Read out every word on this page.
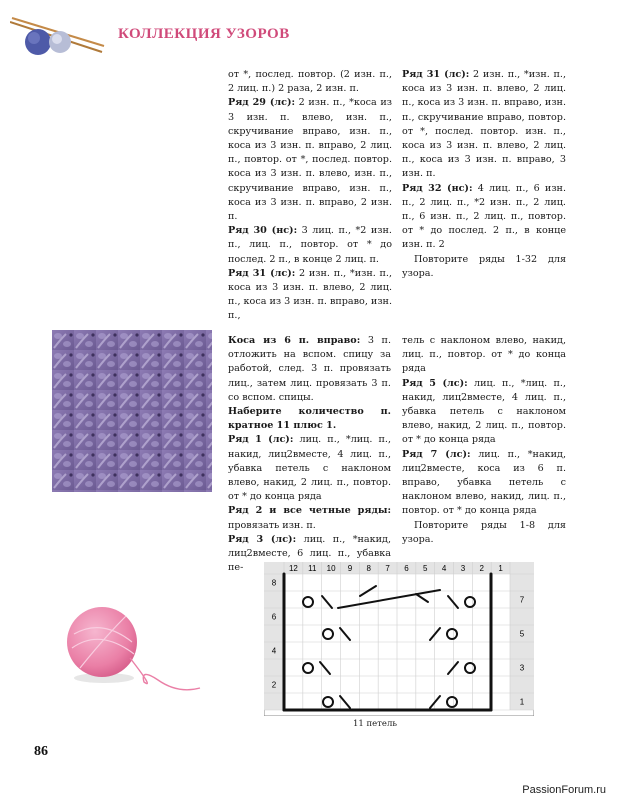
КОЛЛЕКЦИЯ УЗОРОВ

от *, послед. повтор. (2 изн. п., 2 лиц. п.) 2 раза, 2 изн. п.

Ряд 29 (лс): 2 изн. п., *коса из 3 изн. п. влево, изн. п., скручивание вправо, изн. п., коса из 3 изн. п. вправо, 2 лиц. п., повтор. от *, послед. повтор. коса из 3 изн. п. влево, изн. п., скручивание вправо, изн. п., коса из 3 изн. п. вправо, 2 изн. п.

Ряд 30 (нс): 3 лиц. п., *2 изн. п., лиц. п., повтор. от * до послед. 2 п., в конце 2 лиц. п.

Ряд 31 (лс): 2 изн. п., *изн. п., коса из 3 изн. п. влево, 2 лиц. п., коса из 3 изн. п. вправо, изн. п.,

Ряд 31 (лс): 2 изн. п., *изн. п., коса из 3 изн. п. влево, 2 лиц. п., коса из 3 изн. п. вправо, изн. п., скручивание вправо, повтор. от *, послед. повтор. изн. п., коса из 3 изн. п. влево, 2 лиц. п., коса из 3 изн. п. вправо, 3 изн. п.

Ряд 32 (нс): 4 лиц. п., 6 изн. п., 2 лиц. п., *2 изн. п., 2 лиц. п., 6 изн. п., 2 лиц. п., повтор. от * до послед. 2 п., в конце изн. п. 2

Повторите ряды 1-32 для узора.

Коса из 6 п. вправо: 3 п. отложить на вспом. спицу за работой, след. 3 п. провязать лиц., затем лиц. провязать 3 п. со вспом. спицы.

Наберите количество п. кратное 11 плюс 1.

Ряд 1 (лс): лиц. п., *лиц. п., накид, лиц2вместе, 4 лиц. п., убавка петель с наклоном влево, накид, 2 лиц. п., повтор. от * до конца ряда

Ряд 2 и все четные ряды: провязать изн. п.

Ряд 3 (лс): лиц. п., *накид, лиц2вместе, 6 лиц. п., убавка пе-

тель с наклоном влево, накид, лиц. п., повтор. от * до конца ряда

Ряд 5 (лс): лиц. п., *лиц. п., накид, лиц2вместе, 4 лиц. п., убавка петель с наклоном влево, накид, 2 лиц. п., повтор. от * до конца ряда

Ряд 7 (лс): лиц. п., *накид, лиц2вместе, коса из 6 п. вправо, убавка петель с наклоном влево, накид, лиц. п., повтор. от * до конца ряда

Повторите ряды 1-8 для узора.

12 11 10 9 8 7 6 5 4 3 2 1
8
6
4
2
7
5
3
1
11 петель
86
PassionForum.ru
